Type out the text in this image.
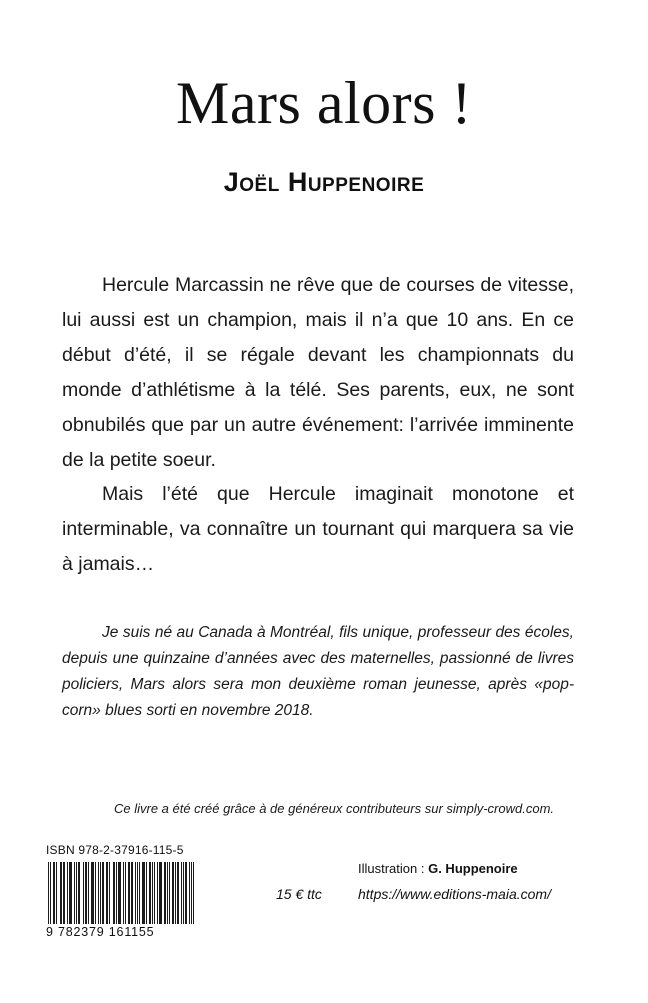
Mars alors !
Joël Huppenoire

Hercule Marcassin ne rêve que de courses de vitesse, lui aussi est un champion, mais il n’a que 10 ans. En ce début d’été, il se régale devant les championnats du monde d’athlétisme à la télé. Ses parents, eux, ne sont obnubilés que par un autre événement: l’arrivée imminente de la petite soeur.

Mais l’été que Hercule imaginait monotone et interminable, va connaître un tournant qui marquera sa vie à jamais…

Je suis né au Canada à Montréal, fils unique, professeur des écoles, depuis une quinzaine d’années avec des maternelles, passionné de livres policiers, Mars alors sera mon deuxième roman jeunesse, après «pop-corn» blues sorti en novembre 2018.

Ce livre a été créé grâce à de généreux contributeurs sur simply-crowd.com.
ISBN 978-2-37916-115-5
9 782379 161155
15 € ttc
Illustration : G. Huppenoire
https://www.editions-maia.com/
